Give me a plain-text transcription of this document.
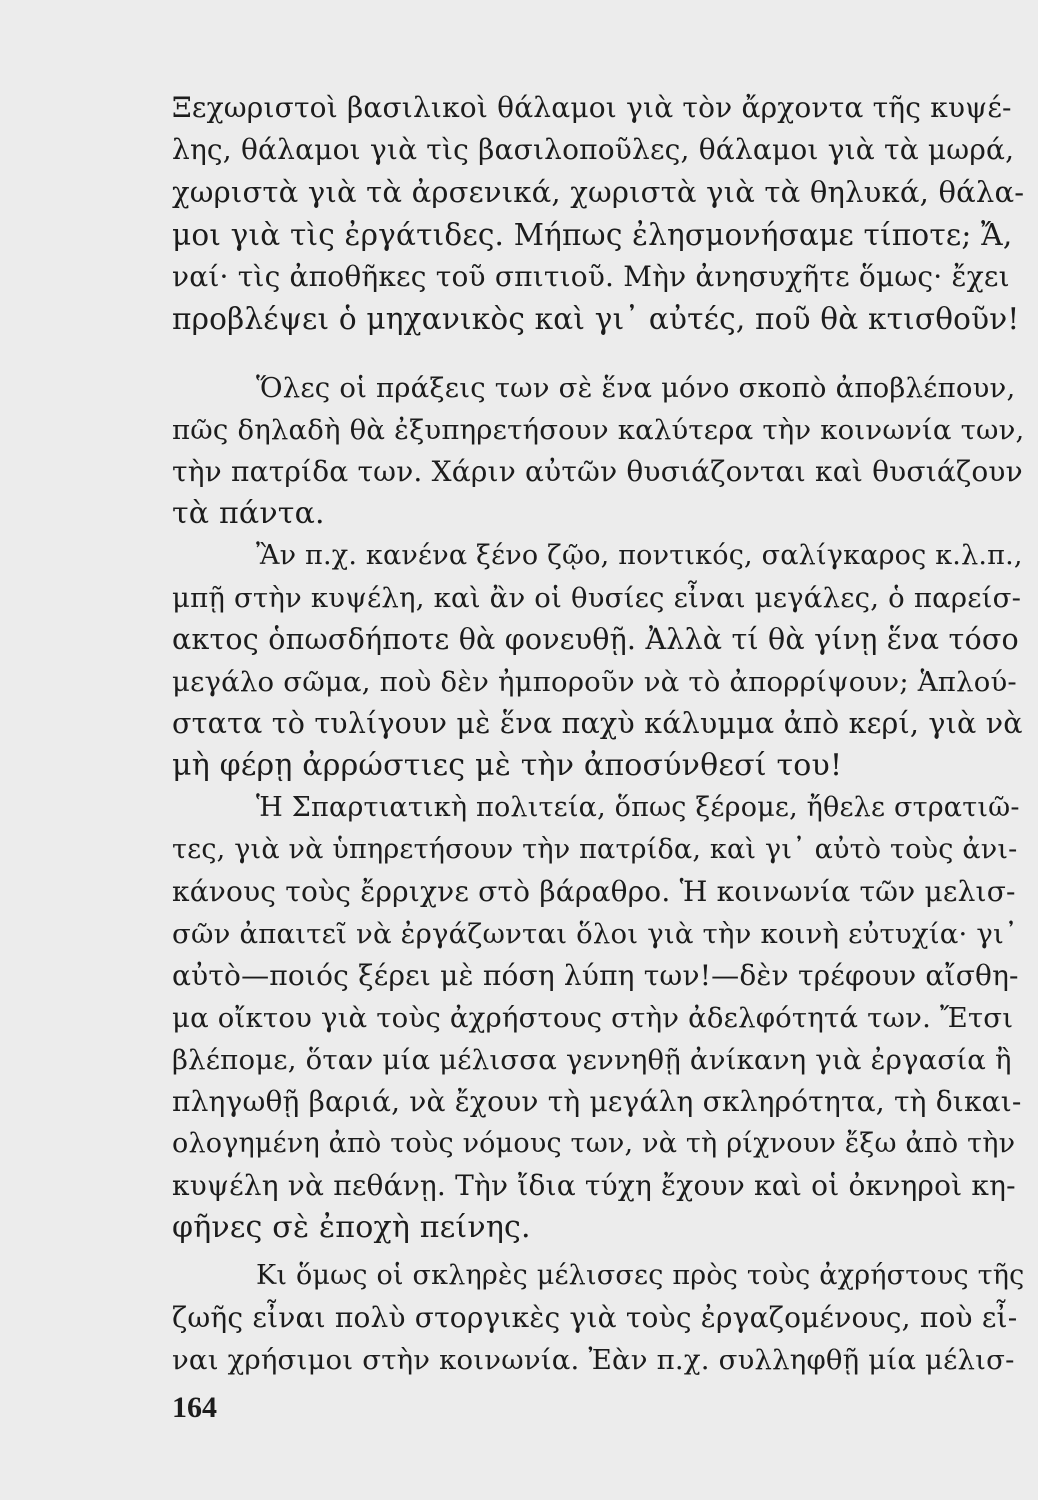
Ξεχωριστοὶ βασιλικοὶ θάλαμοι γιὰ τὸν ἄρχοντα τῆς κυψέ-
λης, θάλαμοι γιὰ τὶς βασιλοποῦλες, θάλαμοι γιὰ τὰ μωρά,
χωριστὰ γιὰ τὰ ἀρσενικά, χωριστὰ γιὰ τὰ θηλυκά, θάλα-
μοι γιὰ τὶς ἐργάτιδες. Μήπως ἐλησμονήσαμε τίποτε; Ἄ,
ναί· τὶς ἀποθῆκες τοῦ σπιτιοῦ. Μὴν ἀνησυχῆτε ὅμως· ἔχει
προβλέψει ὁ μηχανικὸς καὶ γι᾽ αὐτές, ποῦ θὰ κτισθοῦν!
Ὅλες οἱ πράξεις των σὲ ἕνα μόνο σκοπὸ ἀποβλέπουν,
πῶς δηλαδὴ θὰ ἐξυπηρετήσουν καλύτερα τὴν κοινωνία των,
τὴν πατρίδα των. Χάριν αὐτῶν θυσιάζονται καὶ θυσιάζουν
τὰ πάντα.
Ἂν π.χ. κανένα ξένο ζῷο, ποντικός, σαλίγκαρος κ.λ.π.,
μπῇ στὴν κυψέλη, καὶ ἂν οἱ θυσίες εἶναι μεγάλες, ὁ παρείσ-
ακτος ὁπωσδήποτε θὰ φονευθῇ. Ἀλλὰ τί θὰ γίνῃ ἕνα τόσο
μεγάλο σῶμα, ποὺ δὲν ἠμποροῦν νὰ τὸ ἀπορρίψουν; Ἁπλού-
στατα τὸ τυλίγουν μὲ ἕνα παχὺ κάλυμμα ἀπὸ κερί, γιὰ νὰ
μὴ φέρῃ ἀρρώστιες μὲ τὴν ἀποσύνθεσί του!
Ἡ Σπαρτιατικὴ πολιτεία, ὅπως ξέρομε, ἤθελε στρατιῶ-
τες, γιὰ νὰ ὑπηρετήσουν τὴν πατρίδα, καὶ γι᾽ αὐτὸ τοὺς ἀνι-
κάνους τοὺς ἔρριχνε στὸ βάραθρο. Ἡ κοινωνία τῶν μελισ-
σῶν ἀπαιτεῖ νὰ ἐργάζωνται ὅλοι γιὰ τὴν κοινὴ εὐτυχία· γι᾽
αὐτὸ—ποιός ξέρει μὲ πόση λύπη των!—δὲν τρέφουν αἴσθη-
μα οἴκτου γιὰ τοὺς ἀχρήστους στὴν ἀδελφότητά των. Ἔτσι
βλέπομε, ὅταν μία μέλισσα γεννηθῇ ἀνίκανη γιὰ ἐργασία ἢ
πληγωθῇ βαριά, νὰ ἔχουν τὴ μεγάλη σκληρότητα, τὴ δικαι-
ολογημένη ἀπὸ τοὺς νόμους των, νὰ τὴ ρίχνουν ἔξω ἀπὸ τὴν
κυψέλη νὰ πεθάνῃ. Τὴν ἴδια τύχη ἔχουν καὶ οἱ ὀκνηροὶ κη-
φῆνες σὲ ἐποχὴ πείνης.
Κι ὅμως οἱ σκληρὲς μέλισσες πρὸς τοὺς ἀχρήστους τῆς
ζωῆς εἶναι πολὺ στοργικὲς γιὰ τοὺς ἐργαζομένους, ποὺ εἶ-
ναι χρήσιμοι στὴν κοινωνία. Ἐὰν π.χ. συλληφθῇ μία μέλισ-
164
